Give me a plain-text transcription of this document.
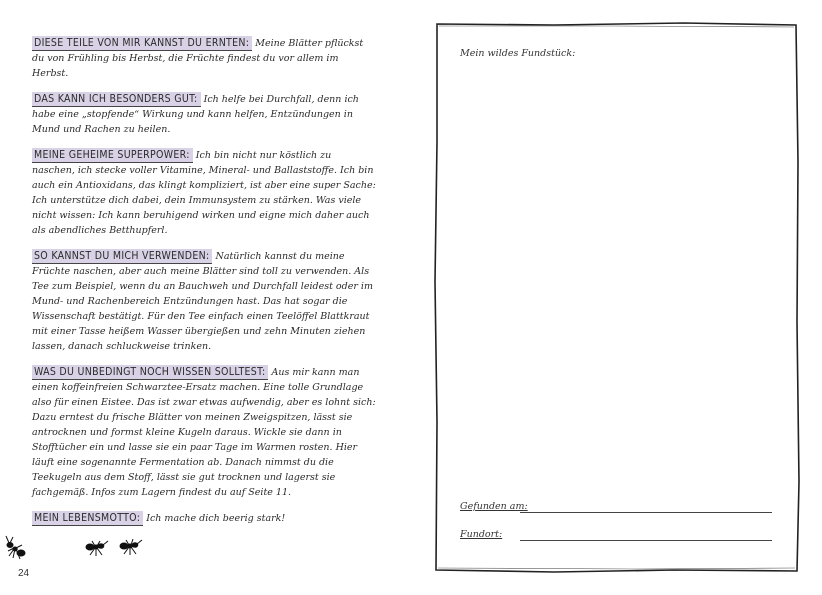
DIESE TEILE VON MIR KANNST DU ERNTEN: Meine Blätter pflückst du von Frühling bis Herbst, die Früchte findest du vor allem im Herbst.
DAS KANN ICH BESONDERS GUT: Ich helfe bei Durchfall, denn ich habe eine „stopfende“ Wirkung und kann helfen, Entzündungen in Mund und Rachen zu heilen.
MEINE GEHEIME SUPERPOWER: Ich bin nicht nur köstlich zu naschen, ich stecke voller Vitamine, Mineral- und Ballaststoffe. Ich bin auch ein Antioxidans, das klingt kompliziert, ist aber eine super Sache: Ich unterstütze dich dabei, dein Immunsystem zu stärken. Was viele nicht wissen: Ich kann beruhigend wirken und eigne mich daher auch als abendliches Betthupferl.
SO KANNST DU MICH VERWENDEN: Natürlich kannst du meine Früchte naschen, aber auch meine Blätter sind toll zu verwenden. Als Tee zum Beispiel, wenn du an Bauchweh und Durchfall leidest oder im Mund- und Rachenbereich Entzündungen hast. Das hat sogar die Wissenschaft bestätigt. Für den Tee einfach einen Teelöffel Blattkraut mit einer Tasse heißem Wasser übergießen und zehn Minuten ziehen lassen, danach schluckweise trinken.
WAS DU UNBEDINGT NOCH WISSEN SOLLTEST: Aus mir kann man einen koffeinfreien Schwarztee-Ersatz machen. Eine tolle Grundlage also für einen Eistee. Das ist zwar etwas aufwendig, aber es lohnt sich: Dazu erntest du frische Blätter von meinen Zweigspitzen, lässt sie antrocknen und formst kleine Kugeln daraus. Wickle sie dann in Stofftücher ein und lasse sie ein paar Tage im Warmen rosten. Hier läuft eine sogenannte Fermentation ab. Danach nimmst du die Teekugeln aus dem Stoff, lässt sie gut trocknen und lagerst sie fachgemäß. Infos zum Lagern findest du auf Seite 11.
MEIN LEBENSMOTTO: Ich mache dich beerig stark!
24
Mein wildes Fundstück:
Gefunden am:
Fundort:
